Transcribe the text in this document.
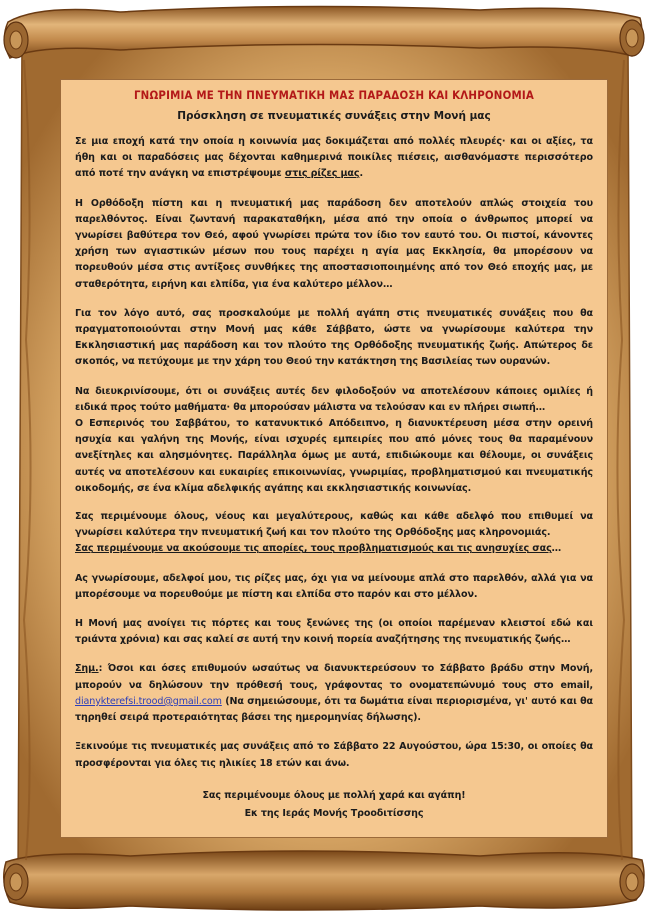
ΓΝΩΡΙΜΙΑ ΜΕ ΤΗΝ ΠΝΕΥΜΑΤΙΚΗ ΜΑΣ ΠΑΡΑΔΟΣΗ ΚΑΙ ΚΛΗΡΟΝΟΜΙΑ
Πρόσκληση σε πνευματικές συνάξεις στην Μονή μας

Σε μια εποχή κατά την οποία η κοινωνία μας δοκιμάζεται από πολλές πλευρές· και οι αξίες, τα ήθη και οι παραδόσεις μας δέχονται καθημερινά ποικίλες πιέσεις, αισθανόμαστε περισσότερο από ποτέ την ανάγκη να επιστρέψουμε στις ρίζες μας.

Η Ορθόδοξη πίστη και η πνευματική μας παράδοση δεν αποτελούν απλώς στοιχεία του παρελθόντος. Είναι ζωντανή παρακαταθήκη, μέσα από την οποία ο άνθρωπος μπορεί να γνωρίσει βαθύτερα τον Θεό, αφού γνωρίσει πρώτα τον ίδιο τον εαυτό του. Οι πιστοί, κάνοντες χρήση των αγιαστικών μέσων που τους παρέχει η αγία μας Εκκλησία, θα μπορέσουν να πορευθούν μέσα στις αντίξοες συνθήκες της αποστασιοποιημένης από τον Θεό εποχής μας, με σταθερότητα, ειρήνη και ελπίδα, για ένα καλύτερο μέλλον…

Για τον λόγο αυτό, σας προσκαλούμε με πολλή αγάπη στις πνευματικές συνάξεις που θα πραγματοποιούνται στην Μονή μας κάθε Σάββατο, ώστε να γνωρίσουμε καλύτερα την Εκκλησιαστική μας παράδοση και τον πλούτο της Ορθόδοξης πνευματικής ζωής. Απώτερος δε σκοπός, να πετύχουμε με την χάρη του Θεού την κατάκτηση της Βασιλείας των ουρανών.

Να διευκρινίσουμε, ότι οι συνάξεις αυτές δεν φιλοδοξούν να αποτελέσουν κάποιες ομιλίες ή ειδικά προς τούτο μαθήματα· θα μπορούσαν μάλιστα να τελούσαν και εν πλήρει σιωπή…
Ο Εσπερινός του Σαββάτου, το κατανυκτικό Απόδειπνο, η διανυκτέρευση μέσα στην ορεινή ησυχία και γαλήνη της Μονής, είναι ισχυρές εμπειρίες που από μόνες τους θα παραμένουν ανεξίτηλες και αλησμόνητες. Παράλληλα όμως με αυτά, επιδιώκουμε και θέλουμε, οι συνάξεις αυτές να αποτελέσουν και ευκαιρίες επικοινωνίας, γνωριμίας, προβληματισμού και πνευματικής οικοδομής, σε ένα κλίμα αδελφικής αγάπης και εκκλησιαστικής κοινωνίας.

Σας περιμένουμε όλους, νέους και μεγαλύτερους, καθώς και κάθε αδελφό που επιθυμεί να γνωρίσει καλύτερα την πνευματική ζωή και τον πλούτο της Ορθόδοξης μας κληρονομιάς.
Σας περιμένουμε να ακούσουμε τις απορίες, τους προβληματισμούς και τις ανησυχίες σας…

Ας γνωρίσουμε, αδελφοί μου, τις ρίζες μας, όχι για να μείνουμε απλά στο παρελθόν, αλλά για να μπορέσουμε να πορευθούμε με πίστη και ελπίδα στο παρόν και στο μέλλον.

Η Μονή μας ανοίγει τις πόρτες και τους ξενώνες της (οι οποίοι παρέμεναν κλειστοί εδώ και τριάντα χρόνια) και σας καλεί σε αυτή την κοινή πορεία αναζήτησης της πνευματικής ζωής…

Σημ.: Όσοι και όσες επιθυμούν ωσαύτως να διανυκτερεύσουν το Σάββατο βράδυ στην Μονή, μπορούν να δηλώσουν την πρόθεσή τους, γράφοντας το ονοματεπώνυμό τους στο email, dianykterefsi.trood@gmail.com (Να σημειώσουμε, ότι τα δωμάτια είναι περιορισμένα, γι' αυτό και θα τηρηθεί σειρά προτεραιότητας βάσει της ημερομηνίας δήλωσης).

Ξεκινούμε τις πνευματικές μας συνάξεις από το Σάββατο 22 Αυγούστου, ώρα 15:30, οι οποίες θα προσφέρονται για όλες τις ηλικίες 18 ετών και άνω.

Σας περιμένουμε όλους με πολλή χαρά και αγάπη!

Εκ της Ιεράς Μονής Τροοδιτίσσης
